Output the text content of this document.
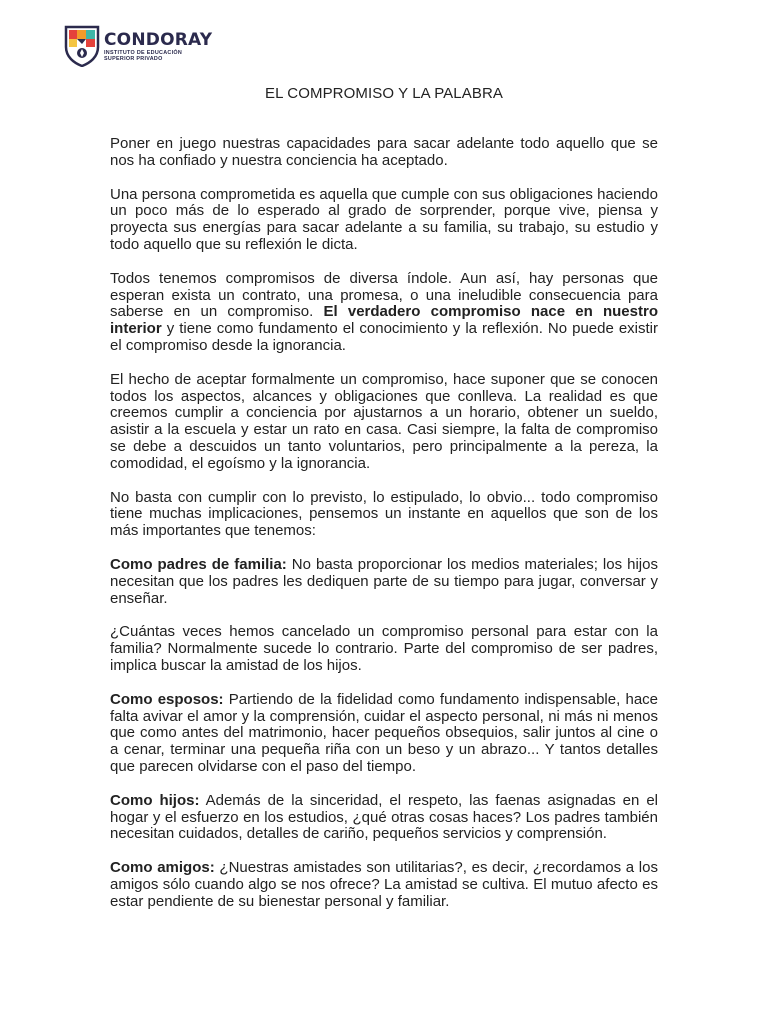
CONDORAY
INSTITUTO DE EDUCACIÓN
SUPERIOR PRIVADO
EL COMPROMISO Y LA PALABRA

Poner en juego nuestras capacidades para sacar adelante todo aquello que se nos ha confiado y nuestra conciencia ha aceptado.

Una persona comprometida es aquella que cumple con sus obligaciones haciendo un poco más de lo esperado al grado de sorprender, porque vive, piensa y proyecta sus energías para sacar adelante a su familia, su trabajo, su estudio y todo aquello que su reflexión le dicta.

Todos tenemos compromisos de diversa índole. Aun así, hay personas que esperan exista un contrato, una promesa, o una ineludible consecuencia para saberse en un compromiso. El verdadero compromiso nace en nuestro interior y tiene como fundamento el conocimiento y la reflexión. No puede existir el compromiso desde la ignorancia.

El hecho de aceptar formalmente un compromiso, hace suponer que se conocen todos los aspectos, alcances y obligaciones que conlleva. La realidad es que creemos cumplir a conciencia por ajustarnos a un horario, obtener un sueldo, asistir a la escuela y estar un rato en casa. Casi siempre, la falta de compromiso se debe a descuidos un tanto voluntarios, pero principalmente a la pereza, la comodidad, el egoísmo y la ignorancia.

No basta con cumplir con lo previsto, lo estipulado, lo obvio... todo compromiso tiene muchas implicaciones, pensemos un instante en aquellos que son de los más importantes que tenemos:

Como padres de familia: No basta proporcionar los medios materiales; los hijos necesitan que los padres les dediquen parte de su tiempo para jugar, conversar y enseñar.

¿Cuántas veces hemos cancelado un compromiso personal para estar con la familia? Normalmente sucede lo contrario. Parte del compromiso de ser padres, implica buscar la amistad de los hijos.

Como esposos: Partiendo de la fidelidad como fundamento indispensable, hace falta avivar el amor y la comprensión, cuidar el aspecto personal, ni más ni menos que como antes del matrimonio, hacer pequeños obsequios, salir juntos al cine o a cenar, terminar una pequeña riña con un beso y un abrazo... Y tantos detalles que parecen olvidarse con el paso del tiempo.

Como hijos: Además de la sinceridad, el respeto, las faenas asignadas en el hogar y el esfuerzo en los estudios, ¿qué otras cosas haces? Los padres también necesitan cuidados, detalles de cariño, pequeños servicios y comprensión.

Como amigos: ¿Nuestras amistades son utilitarias?, es decir, ¿recordamos a los amigos sólo cuando algo se nos ofrece? La amistad se cultiva. El mutuo afecto es estar pendiente de su bienestar personal y familiar.
